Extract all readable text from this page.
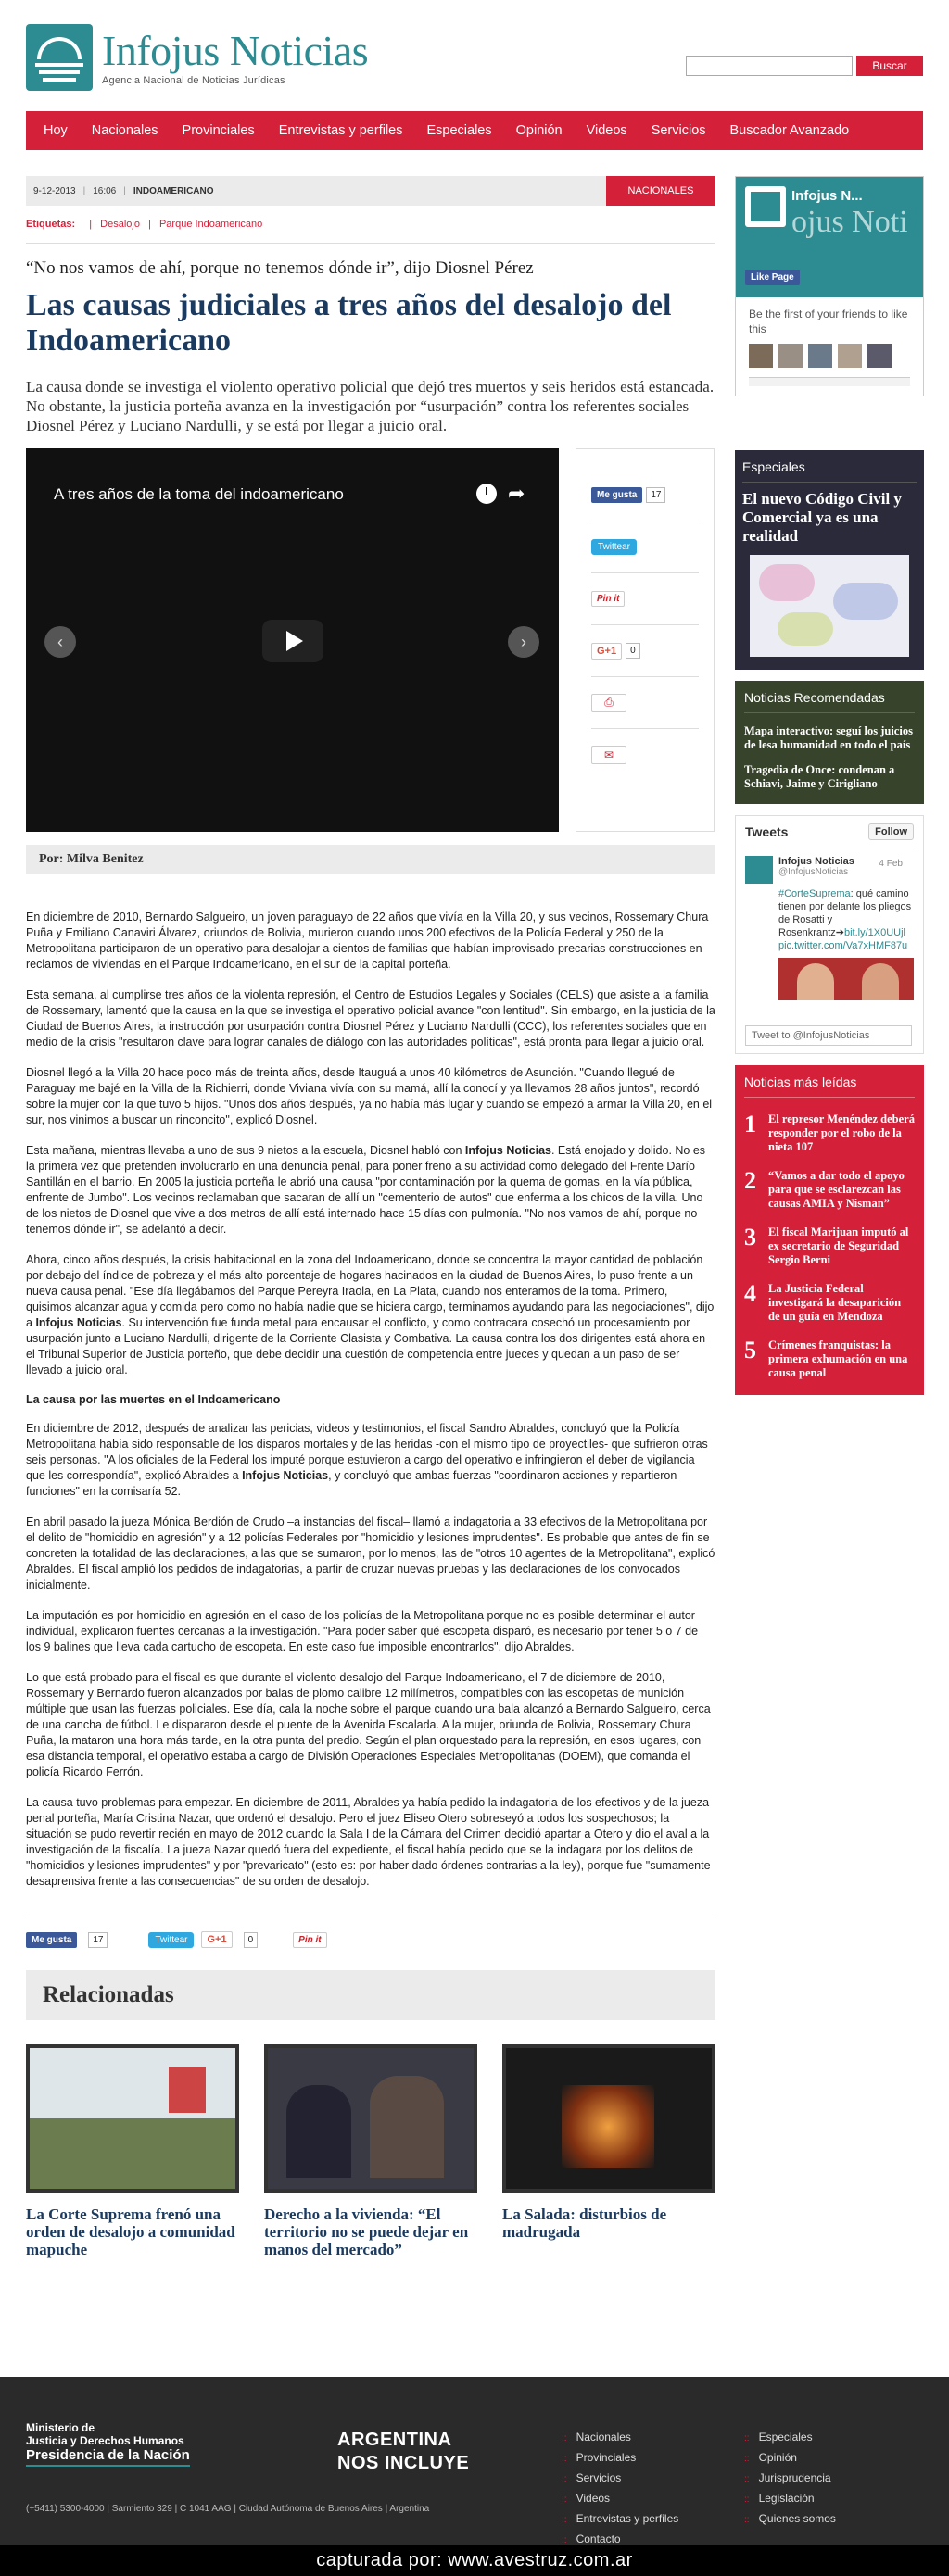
Infojus Noticias
Agencia Nacional de Noticias Jurídicas
Buscar
Hoy	Nacionales	Provinciales	Entrevistas y perfiles	Especiales	Opinión	Videos	Servicios	Buscador Avanzado
9-12-2013 | 16:06 | INDOAMERICANO	NACIONALES
Etiquetas: | Desalojo | Parque Indoamericano
“No nos vamos de ahí, porque no tenemos dónde ir”, dijo Diosnel Pérez
Las causas judiciales a tres años del desalojo del Indoamericano
La causa donde se investiga el violento operativo policial que dejó tres muertos y seis heridos está estancada. No obstante, la justicia porteña avanza en la investigación por “usurpación” contra los referentes sociales Diosnel Pérez y Luciano Nardulli, y se está por llegar a juicio oral.
A tres años de la toma del indoamericano	➦
‹	›
Me gusta	17
Twittear
Pin it
G+1	0
⎙
✉
Por: Milva Benitez

En diciembre de 2010, Bernardo Salgueiro, un joven paraguayo de 22 años que vivía en la Villa 20, y sus vecinos, Rossemary Chura Puña y Emiliano Canaviri Álvarez, oriundos de Bolivia, murieron cuando unos 200 efectivos de la Policía Federal y 250 de la Metropolitana participaron de un operativo para desalojar a cientos de familias que habían improvisado precarias construcciones en reclamos de viviendas en el Parque Indoamericano, en el sur de la capital porteña.

Esta semana, al cumplirse tres años de la violenta represión, el Centro de Estudios Legales y Sociales (CELS) que asiste a la familia de Rossemary, lamentó que la causa en la que se investiga el operativo policial avance "con lentitud". Sin embargo, en la justicia de la Ciudad de Buenos Aires, la instrucción por usurpación contra Diosnel Pérez y Luciano Nardulli (CCC), los referentes sociales que en medio de la crisis "resultaron clave para lograr canales de diálogo con las autoridades políticas", está pronta para llegar a juicio oral.

Diosnel llegó a la Villa 20 hace poco más de treinta años, desde Itauguá a unos 40 kilómetros de Asunción. "Cuando llegué de Paraguay me bajé en la Villa de la Richierri, donde Viviana vivía con su mamá, allí la conocí y ya llevamos 28 años juntos", recordó sobre la mujer con la que tuvo 5 hijos. "Unos dos años después, ya no había más lugar y cuando se empezó a armar la Villa 20, en el sur, nos vinimos a buscar un rinconcito", explicó Diosnel.

Esta mañana, mientras llevaba a uno de sus 9 nietos a la escuela, Diosnel habló con Infojus Noticias. Está enojado y dolido. No es la primera vez que pretenden involucrarlo en una denuncia penal, para poner freno a su actividad como delegado del Frente Darío Santillán en el barrio. En 2005 la justicia porteña le abrió una causa "por contaminación por la quema de gomas, en la vía pública, enfrente de Jumbo". Los vecinos reclamaban que sacaran de allí un "cementerio de autos" que enferma a los chicos de la villa. Uno de los nietos de Diosnel que vive a dos metros de allí está internado hace 15 días con pulmonía. "No nos vamos de ahí, porque no tenemos dónde ir", se adelantó a decir.

Ahora, cinco años después, la crisis habitacional en la zona del Indoamericano, donde se concentra la mayor cantidad de población por debajo del índice de pobreza y el más alto porcentaje de hogares hacinados en la ciudad de Buenos Aires, lo puso frente a un nueva causa penal. "Ese día llegábamos del Parque Pereyra Iraola, en La Plata, cuando nos enteramos de la toma. Primero, quisimos alcanzar agua y comida pero como no había nadie que se hiciera cargo, terminamos ayudando para las negociaciones", dijo a Infojus Noticias. Su intervención fue funda metal para encausar el conflicto, y como contracara cosechó un procesamiento por usurpación junto a Luciano Nardulli, dirigente de la Corriente Clasista y Combativa. La causa contra los dos dirigentes está ahora en el Tribunal Superior de Justicia porteño, que debe decidir una cuestión de competencia entre jueces y quedan a un paso de ser llevado a juicio oral.

La causa por las muertes en el Indoamericano

En diciembre de 2012, después de analizar las pericias, videos y testimonios, el fiscal Sandro Abraldes, concluyó que la Policía Metropolitana había sido responsable de los disparos mortales y de las heridas -con el mismo tipo de proyectiles- que sufrieron otras seis personas. "A los oficiales de la Federal los imputé porque estuvieron a cargo del operativo e infringieron el deber de vigilancia que les correspondía", explicó Abraldes a Infojus Noticias, y concluyó que ambas fuerzas "coordinaron acciones y repartieron funciones" en la comisaría 52.

En abril pasado la jueza Mónica Berdión de Crudo –a instancias del fiscal– llamó a indagatoria a 33 efectivos de la Metropolitana por el delito de "homicidio en agresión" y a 12 policías Federales por "homicidio y lesiones imprudentes". Es probable que antes de fin se concreten la totalidad de las declaraciones, a las que se sumaron, por lo menos, las de "otros 10 agentes de la Metropolitana", explicó Abraldes. El fiscal amplió los pedidos de indagatorias, a partir de cruzar nuevas pruebas y las declaraciones de los convocados inicialmente.

La imputación es por homicidio en agresión en el caso de los policías de la Metropolitana porque no es posible determinar el autor individual, explicaron fuentes cercanas a la investigación. "Para poder saber qué escopeta disparó, es necesario por tener 5 o 7 de los 9 balines que lleva cada cartucho de escopeta. En este caso fue imposible encontrarlos", dijo Abraldes.

Lo que está probado para el fiscal es que durante el violento desalojo del Parque Indoamericano, el 7 de diciembre de 2010, Rossemary y Bernardo fueron alcanzados por balas de plomo calibre 12 milímetros, compatibles con las escopetas de munición múltiple que usan las fuerzas policiales. Ese día, cala la noche sobre el parque cuando una bala alcanzó a Bernardo Salgueiro, cerca de una cancha de fútbol. Le dispararon desde el puente de la Avenida Escalada. A la mujer, oriunda de Bolivia, Rossemary Chura Puña, la mataron una hora más tarde, en la otra punta del predio. Según el plan orquestado para la represión, en esos lugares, con esa distancia temporal, el operativo estaba a cargo de División Operaciones Especiales Metropolitanas (DOEM), que comanda el policía Ricardo Ferrón.

La causa tuvo problemas para empezar. En diciembre de 2011, Abraldes ya había pedido la indagatoria de los efectivos y de la jueza penal porteña, María Cristina Nazar, que ordenó el desalojo. Pero el juez Eliseo Otero sobreseyó a todos los sospechosos; la situación se pudo revertir recién en mayo de 2012 cuando la Sala I de la Cámara del Crimen decidió apartar a Otero y dio el aval a la investigación de la fiscalía. La jueza Nazar quedó fuera del expediente, el fiscal había pedido que se la indagara por los delitos de "homicidios y lesiones imprudentes" y por "prevaricato" (esto es: por haber dado órdenes contrarias a la ley), porque fue "sumamente desaprensiva frente a las consecuencias" de su orden de desalojo.

Me gusta	17	Twittear	G+1	0	Pin it
Relacionadas
La Corte Suprema frenó una orden de desalojo a comunidad mapuche
Derecho a la vivienda: “El territorio no se puede dejar en manos del mercado”
La Salada: disturbios de madrugada
Infojus N...
ojus Noti
Like Page
Be the first of your friends to like this
Especiales
El nuevo Código Civil y Comercial ya es una realidad
Noticias Recomendadas
Mapa interactivo: seguí los juicios de lesa humanidad en todo el país
Tragedia de Once: condenan a Schiavi, Jaime y Cirigliano
Tweets	Follow
Infojus Noticias
@InfojusNoticias
4 Feb
#CorteSuprema: qué camino tienen por delante los pliegos de Rosatti y Rosenkrantz➔bit.ly/1X0UUjl
pic.twitter.com/Va7xHMF87u
Tweet to @InfojusNoticias
Noticias más leídas
1	El represor Menéndez deberá responder por el robo de la nieta 107
2	“Vamos a dar todo el apoyo para que se esclarezcan las causas AMIA y Nisman”
3	El fiscal Marijuan imputó al ex secretario de Seguridad Sergio Berni
4	La Justicia Federal investigará la desaparición de un guía en Mendoza
5	Crímenes franquistas: la primera exhumación en una causa penal
Ministerio de
Justicia y Derechos Humanos
Presidencia de la Nación
(+5411) 5300-4000 | Sarmiento 329 | C 1041 AAG | Ciudad Autónoma de Buenos Aires | Argentina
ARGENTINA
NOS INCLUYE
:: Nacionales
:: Provinciales
:: Servicios
:: Videos
:: Entrevistas y perfiles
:: Contacto
:: Especiales
:: Opinión
:: Jurisprudencia
:: Legislación
:: Quienes somos
capturada por: www.avestruz.com.ar
